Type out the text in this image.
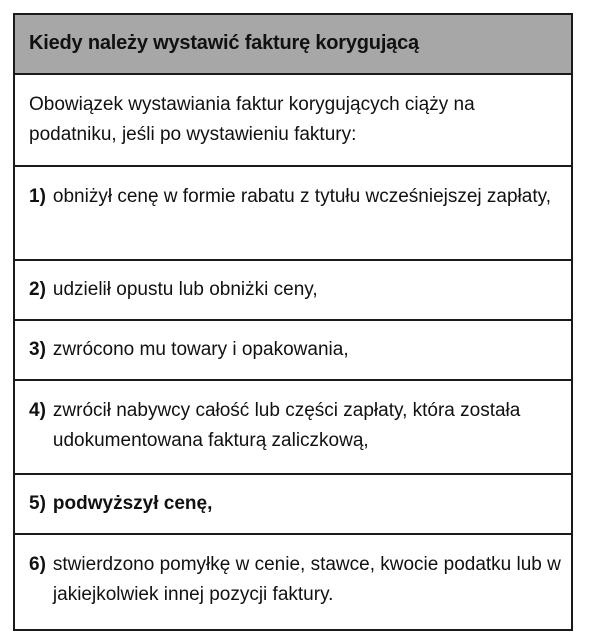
Kiedy należy wystawić fakturę korygującą
Obowiązek wystawiania faktur korygujących ciąży na podatniku, jeśli po wystawieniu faktury:
1) obniżył cenę w formie rabatu z tytułu wcześniejszej zapłaty,
2) udzielił opustu lub obniżki ceny,
3) zwrócono mu towary i opakowania,
4) zwrócił nabywcy całość lub części zapłaty, która została udokumentowana fakturą zaliczkową,
5) podwyższył cenę,
6) stwierdzono pomyłkę w cenie, stawce, kwocie podatku lub w jakiejkolwiek innej pozycji faktury.
